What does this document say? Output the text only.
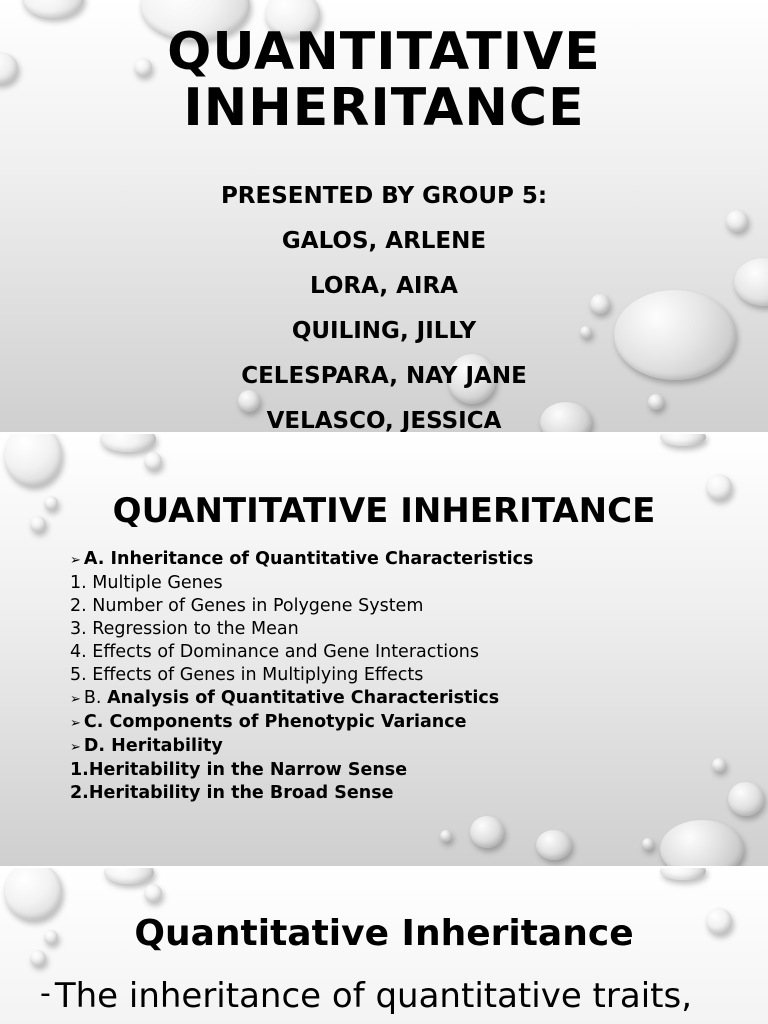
QUANTITATIVE
INHERITANCE
PRESENTED BY GROUP 5:
GALOS, ARLENE
LORA, AIRA
QUILING, JILLY
CELESPARA, NAY JANE
VELASCO, JESSICA
QUANTITATIVE INHERITANCE
➢ A. Inheritance of Quantitative Characteristics
1. Multiple Genes
2. Number of Genes in Polygene System
3. Regression to the Mean
4. Effects of Dominance and Gene Interactions
5. Effects of Genes in Multiplying Effects
➢ B. Analysis of Quantitative Characteristics
➢ C. Components of Phenotypic Variance
➢ D. Heritability
1.Heritability in the Narrow Sense
2.Heritability in the Broad Sense
Quantitative Inheritance
- The inheritance of quantitative traits,
